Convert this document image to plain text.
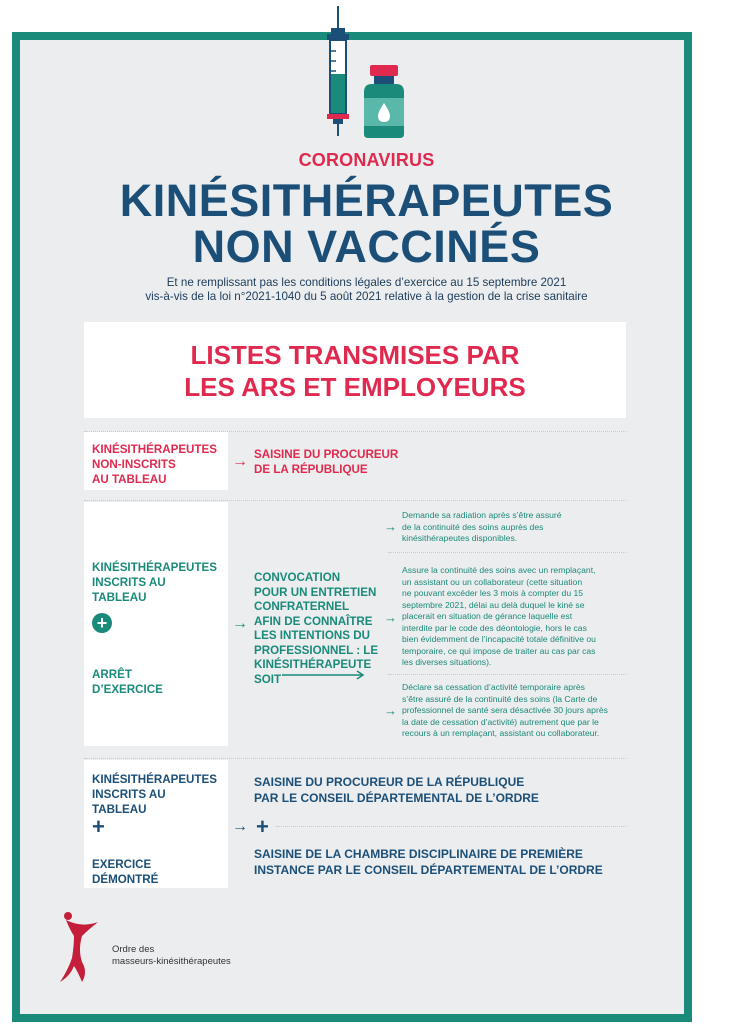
CORONAVIRUS
KINÉSITHÉRAPEUTES
NON VACCINÉS
Et ne remplissant pas les conditions légales d’exercice au 15 septembre 2021
vis-à-vis de la loi n°2021-1040 du 5 août 2021 relative à la gestion de la crise sanitaire
LISTES TRANSMISES PAR
LES ARS ET EMPLOYEURS
KINÉSITHÉRAPEUTES
NON-INSCRITS
AU TABLEAU
→ SAISINE DU PROCUREUR
DE LA RÉPUBLIQUE
KINÉSITHÉRAPEUTES
INSCRITS AU
TABLEAU
ARRÊT
D’EXERCICE
+	→
CONVOCATION
POUR UN ENTRETIEN
CONFRATERNEL
AFIN DE CONNAÎTRE
LES INTENTIONS DU
PROFESSIONNEL : LE
KINÉSITHÉRAPEUTE
SOIT
→
Demande sa radiation après s’être assuré
de la continuité des soins auprès des
kinésithérapeutes disponibles.
→
Assure la continuité des soins avec un remplaçant,
un assistant ou un collaborateur (cette situation
ne pouvant excéder les 3 mois à compter du 15
septembre 2021, délai au delà duquel le kiné se
placerait en situation de gérance laquelle est
interdite par le code des déontologie, hors le cas
bien évidemment de l’incapacité totale définitive ou
temporaire, ce qui impose de traiter au cas par cas
les diverses situations).
→
Déclare sa cessation d’activité temporaire après
s’être assuré de la continuité des soins (la Carte de
professionnel de santé sera désactivée 30 jours après
la date de cessation d’activité) autrement que par le
recours à un remplaçant, assistant ou collaborateur.
KINÉSITHÉRAPEUTES
INSCRITS AU
TABLEAU
EXERCICE
DÉMONTRÉ
+	→ +
SAISINE DU PROCUREUR DE LA RÉPUBLIQUE
PAR LE CONSEIL DÉPARTEMENTAL DE L’ORDRE
SAISINE DE LA CHAMBRE DISCIPLINAIRE DE PREMIÈRE
INSTANCE PAR LE CONSEIL DÉPARTEMENTAL DE L’ORDRE
Ordre des
masseurs-kinésithérapeutes
